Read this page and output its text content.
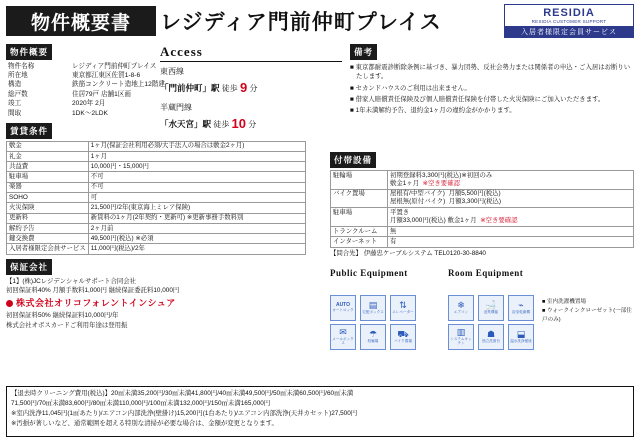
物件概要書	レジディア門前仲町プレイス	RESIDIA
RESIDIA CUSTOMER SUPPORT
入居者様限定会員サービス
物件概要
物件名称	レジディア門前仲町プレイス
所在地	東京都江東区佐賀1-8-6
構造	鉄筋コンクリート造地上12階建
総戸数	住居79戸 店舗1区画
竣工	2020年 2月
間取	1DK～2LDK
賃貸条件
敷金	1ヶ月(保証会社利用必須/大手法人の場合は敷金2ヶ月)
礼金	1ヶ月
共益費	10,000円・15,000円
駐車場	不可
楽器	不可
SOHO	可
火災保険	21,500円/2年(東京海上ミレア保険)
更新料	新賃料の1ヶ月(2年契約・更新可) ※更新事務手数料別
解約予告	2ヶ月前
鍵交換費	49,500円(税込) ※必須
入居者様限定会員サービス	11,000円(税込)/2年
保証会社
【1】(株)JCレジデンシャルサポート合同会社
初回保証料40% 月額手数料1,000円 継続保証委託料10,000円
株式会社オリコフォレントインシュア
初回保証料50% 継続保証料10,000円/年
株式会社オボスカードご利用年途は登用振
Access
東西線
「門前仲町」駅 徒歩 9 分
半蔵門線
「水天宮」駅 徒歩 10 分
備考
■ 東京都耐震診断除条例に基づき、暴力団勢、反社会勢力または関係者の申込・ご入居はお断りいたします。
■ セカンドハウスのご利用は出来ません。
■ 借家人賠償責任保険及び個人賠償責任保険を付帯した火災保険にご加入いただきます。
■ 1年未満解約予告、退約金1ヶ月の違約金がかかります。
付帯設備
駐輪場	初期登録料3,300円(税込)※初回のみ
敷金1ヶ月  ※空き要確認
バイク置場	屋根有/中型バイク)  月額5,500円(税込)
屋根無(原付バイク)  月額3,300円(税込)
駐車場	平置き
月額33,000円(税込) 敷金1ヶ月  ※空き要確認
トランクルーム	無
インターネット	有
【問合先】 伊藤忠ケーブルシステム TEL0120-30-8840
Public Equipment	Room Equipment
AUTO
オートロック
✉
メールボックス
▤
宅配ボックス
☂
駐輪場
⇅
エレベーター
⛟
バイク置場
❄
エアコン
▥
システムキッチン
🛁
追焚機能
☗
独立洗面台
⌁
浴室乾燥機
⬓
温水洗浄便座
■ 室内洗濯機置場
■ ウォークインクローゼット(一部住戸のみ)

【退去時クリーニング費用(税込)】20㎡未満35,200円/30㎡未満41,800円/40㎡未満49,500円/50㎡未満60,500円/60㎡未満

71,500円/70㎡未満83,600円/80㎡未満110,000円/100㎡未満132,000円/150㎡未満165,000円

※室内洗浄11,045円(1㎡あたり)/エアコン内部洗浄(壁掛け)15,200円(1台あたり)/エアコン内部洗浄(天井カセット)27,500円

※汚損が著しいなど、通常範囲を超える特別な清掃が必要な場合は、金額が変更となります。
